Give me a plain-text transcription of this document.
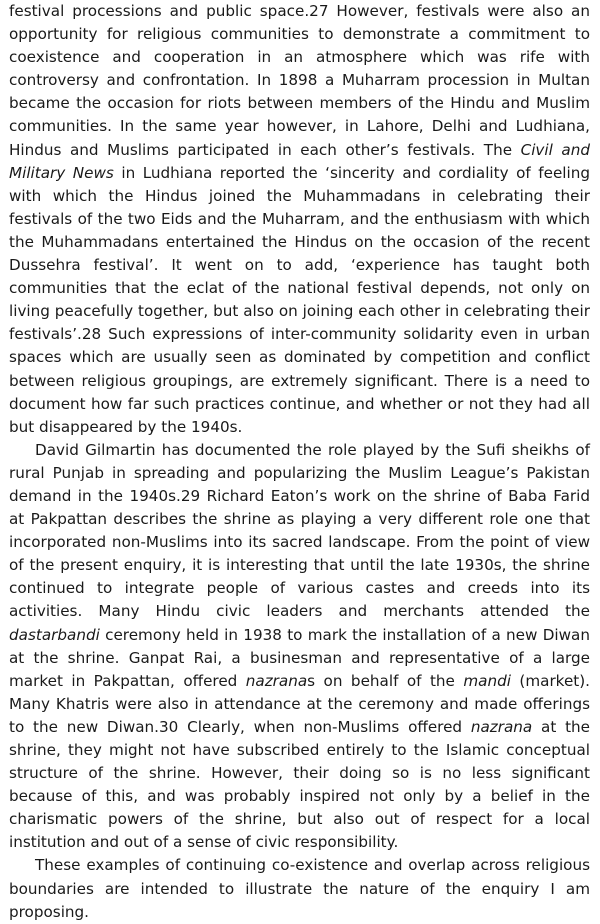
festival processions and public space.27 However, festivals were also an opportunity for religious communities to demonstrate a commitment to coexistence and cooperation in an atmosphere which was rife with controversy and confrontation. In 1898 a Muharram procession in Multan became the occasion for riots between members of the Hindu and Muslim communities. In the same year however, in Lahore, Delhi and Ludhiana, Hindus and Muslims participated in each other’s festivals. The Civil and Military News in Ludhiana reported the ‘sincerity and cordiality of feeling with which the Hindus joined the Muhammadans in celebrating their festivals of the two Eids and the Muharram, and the enthusiasm with which the Muhammadans entertained the Hindus on the occasion of the recent Dussehra festival’. It went on to add, ‘experience has taught both communities that the eclat of the national festival depends, not only on living peacefully together, but also on joining each other in celebrating their festivals’.28 Such expressions of inter-community solidarity even in urban spaces which are usually seen as dominated by competition and conflict between religious groupings, are extremely significant. There is a need to document how far such practices continue, and whether or not they had all but disappeared by the 1940s.

David Gilmartin has documented the role played by the Sufi sheikhs of rural Punjab in spreading and popularizing the Muslim League’s Pakistan demand in the 1940s.29 Richard Eaton’s work on the shrine of Baba Farid at Pakpattan describes the shrine as playing a very different role one that incorporated non-Muslims into its sacred landscape. From the point of view of the present enquiry, it is interesting that until the late 1930s, the shrine continued to integrate people of various castes and creeds into its activities. Many Hindu civic leaders and merchants attended the dastarbandi ceremony held in 1938 to mark the installation of a new Diwan at the shrine. Ganpat Rai, a businesman and representative of a large market in Pakpattan, offered nazranas on behalf of the mandi (market). Many Khatris were also in attendance at the ceremony and made offerings to the new Diwan.30 Clearly, when non-Muslims offered nazrana at the shrine, they might not have subscribed entirely to the Islamic conceptual structure of the shrine. However, their doing so is no less significant because of this, and was probably inspired not only by a belief in the charismatic powers of the shrine, but also out of respect for a local institution and out of a sense of civic responsibility.

These examples of continuing co-existence and overlap across religious boundaries are intended to illustrate the nature of the enquiry I am proposing.
